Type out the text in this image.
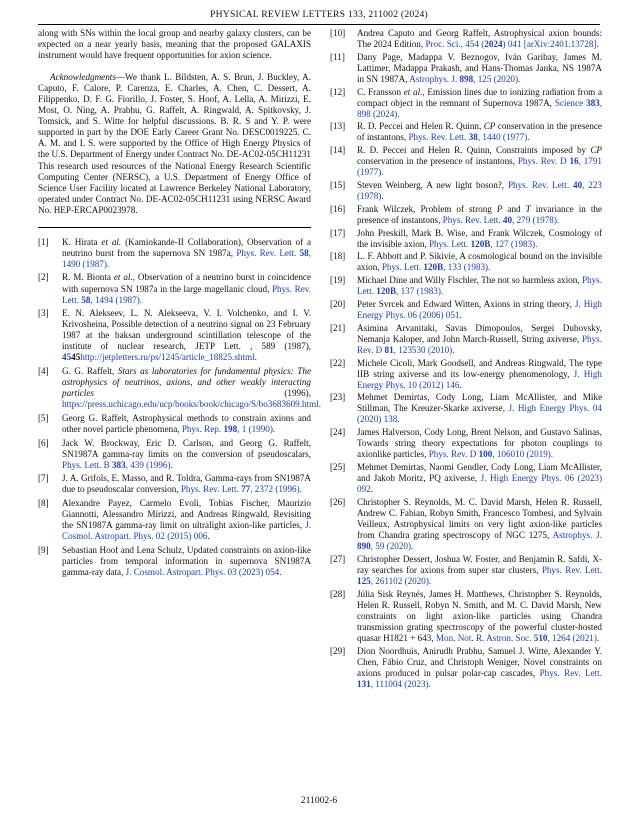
PHYSICAL REVIEW LETTERS 133, 211002 (2024)

along with SNs within the local group and nearby galaxy clusters, can be expected on a near yearly basis, meaning that the proposed GALAXIS instrument would have frequent opportunities for axion science.

Acknowledgments—We thank L. Bildsten, A. S. Brun, J. Buckley, A. Caputo, F. Calore, P. Carenza, E. Charles, A. Chen, C. Dessert, A. Filippenko, D. F. G. Fiorillo, J. Foster, S. Hoof, A. Lella, A. Mirizzi, E. Most, O. Ning, A. Prabhu, G. Raffelt, A. Ringwald, A. Spitkovsky, J. Tomsick, and S. Witte for helpful discussions. B. R. S and Y. P. were supported in part by the DOE Early Career Grant No. DESC0019225. C. A. M. and I. S. were supported by the Office of High Energy Physics of the U.S. Department of Energy under Contract No. DE-AC02-05CH11231 This research used resources of the National Energy Research Scientific Computing Center (NERSC), a U.S. Department of Energy Office of Science User Facility located at Lawrence Berkeley National Laboratory, operated under Contract No. DE-AC02-05CH11231 using NERSC Award No. HEP-ERCAP0023978.

[1] K. Hirata et al. (Kamiokande-II Collaboration), Observation of a neutrino burst from the supernova SN 1987a, Phys. Rev. Lett. 58, 1490 (1987).
[2] R. M. Bionta et al., Observation of a neutrino burst in coincidence with supernova SN 1987a in the large magellanic cloud, Phys. Rev. Lett. 58, 1494 (1987).
[3] E. N. Alekseev, L. N. Alekseeva, V. I. Volchenko, and I. V. Krivosheina, Possible detection of a neutrino signal on 23 February 1987 at the baksan underground scintillation telescope of the institute of nuclear research, JETP Lett. , 589 (1987), 4545http://jetpletters.ru/ps/1245/article_18825.shtml.
[4] G. G. Raffelt, Stars as laboratories for fundamental physics: The astrophysics of neutrinos, axions, and other weakly interacting particles (1996), https://press.uchicago.edu/ucp/books/book/chicago/S/bo3683609.html.
[5] Georg G. Raffelt, Astrophysical methods to constrain axions and other novel particle phenomena, Phys. Rep. 198, 1 (1990).
[6] Jack W. Brockway, Eric D. Carlson, and Georg G. Raffelt, SN1987A gamma-ray limits on the conversion of pseudoscalars, Phys. Lett. B 383, 439 (1996).
[7] J. A. Grifols, E. Masso, and R. Toldra, Gamma-rays from SN1987A due to pseudoscalar conversion, Phys. Rev. Lett. 77, 2372 (1996).
[8] Alexandre Payez, Carmelo Evoli, Tobias Fischer, Maurizio Giannotti, Alessandro Mirizzi, and Andreas Ringwald, Revisiting the SN1987A gamma-ray limit on ultralight axion-like particles, J. Cosmol. Astropart. Phys. 02 (2015) 006.
[9] Sebastian Hoof and Lena Schulz, Updated constraints on axion-like particles from temporal information in supernova SN1987A gamma-ray data, J. Cosmol. Astropart. Phys. 03 (2023) 054.
[10] Andrea Caputo and Georg Raffelt, Astrophysical axion bounds: The 2024 Edition, Proc. Sci., 454 (2024) 041 [arXiv:2401.13728].
[11] Dany Page, Madappa V. Beznogov, Iván Garibay, James M. Lattimer, Madappa Prakash, and Hans-Thomas Janka, NS 1987A in SN 1987A, Astrophys. J. 898, 125 (2020).
[12] C. Fransson et al., Emission lines due to ionizing radiation from a compact object in the remnant of Supernova 1987A, Science 383, 898 (2024).
[13] R. D. Peccei and Helen R. Quinn, CP conservation in the presence of instantons, Phys. Rev. Lett. 38, 1440 (1977).
[14] R. D. Peccei and Helen R. Quinn, Constraints imposed by CP conservation in the presence of instantons, Phys. Rev. D 16, 1791 (1977).
[15] Steven Weinberg, A new light boson?, Phys. Rev. Lett. 40, 223 (1978).
[16] Frank Wilczek, Problem of strong P and T invariance in the presence of instantons, Phys. Rev. Lett. 40, 279 (1978).
[17] John Preskill, Mark B. Wise, and Frank Wilczek, Cosmology of the invisible axion, Phys. Lett. 120B, 127 (1983).
[18] L. F. Abbott and P. Sikivie, A cosmological bound on the invisible axion, Phys. Lett. 120B, 133 (1983).
[19] Michael Dine and Willy Fischler, The not so harmless axion, Phys. Lett. 120B, 137 (1983).
[20] Peter Svrcek and Edward Witten, Axions in string theory, J. High Energy Phys. 06 (2006) 051.
[21] Asimina Arvanitaki, Savas Dimopoulos, Sergei Dubovsky, Nemanja Kaloper, and John March-Russell, String axiverse, Phys. Rev. D 81, 123530 (2010).
[22] Michele Cicoli, Mark Goodsell, and Andreas Ringwald, The type IIB string axiverse and its low-energy phenomenology, J. High Energy Phys. 10 (2012) 146.
[23] Mehmet Demirtas, Cody Long, Liam McAllister, and Mike Stillman, The Kreuzer-Skarke axiverse, J. High Energy Phys. 04 (2020) 138.
[24] James Halverson, Cody Long, Brent Nelson, and Gustavo Salinas, Towards string theory expectations for photon couplings to axionlike particles, Phys. Rev. D 100, 106010 (2019).
[25] Mehmet Demirtas, Naomi Gendler, Cody Long, Liam McAllister, and Jakob Moritz, PQ axiverse, J. High Energy Phys. 06 (2023) 092.
[26] Christopher S. Reynolds, M. C. David Marsh, Helen R. Russell, Andrew C. Fabian, Robyn Smith, Francesco Tombesi, and Sylvain Veilleux, Astrophysical limits on very light axion-like particles from Chandra grating spectroscopy of NGC 1275, Astrophys. J. 890, 59 (2020).
[27] Christopher Dessert, Joshua W. Foster, and Benjamin R. Safdi, X-ray searches for axions from super star clusters, Phys. Rev. Lett. 125, 261102 (2020).
[28] Júlia Sisk Reynés, James H. Matthews, Christopher S. Reynolds, Helen R. Russell, Robyn N. Smith, and M. C. David Marsh, New constraints on light axion-like particles using Chandra transmission grating spectroscopy of the powerful cluster-hosted quasar H1821 + 643, Mon. Not. R. Astron. Soc. 510, 1264 (2021).
[29] Dion Noordhuis, Anirudh Prabhu, Samuel J. Witte, Alexander Y. Chen, Fábio Cruz, and Christoph Weniger, Novel constraints on axions produced in pulsar polar-cap cascades, Phys. Rev. Lett. 131, 111004 (2023).
211002-6
